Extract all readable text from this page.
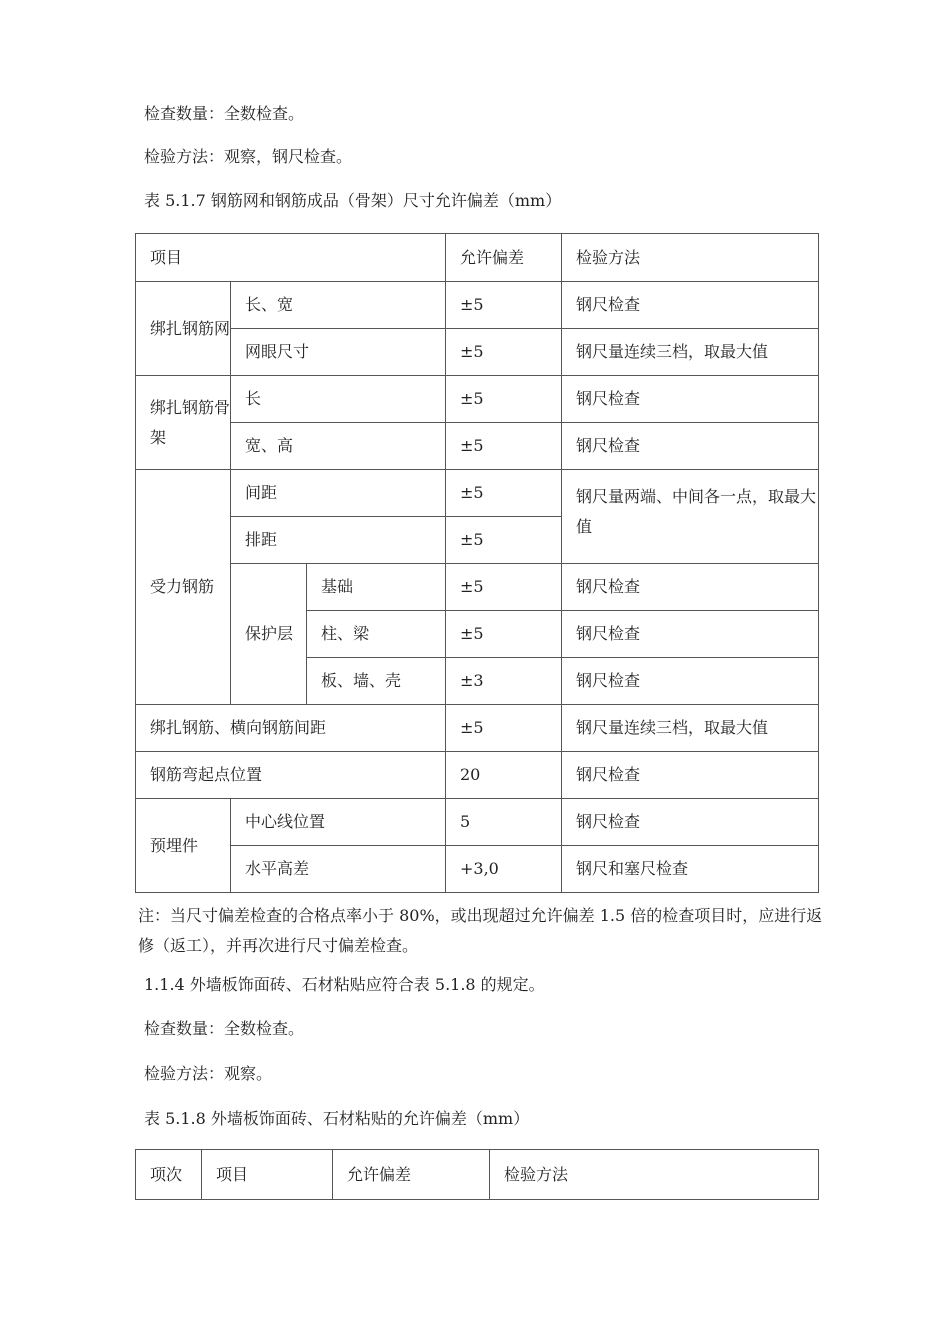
检查数量：全数检查。
检验方法：观察，钢尺检查。
表 5.1.7 钢筋网和钢筋成品（骨架）尺寸允许偏差（mm）
项目			允许偏差	检验方法
绑扎钢筋网	长、宽		±5	钢尺检查
	网眼尺寸		±5	钢尺量连续三档，取最大值
绑扎钢筋骨架	长		±5	钢尺检查
	宽、高		±5	钢尺检查
受力钢筋	间距		±5	钢尺量两端、中间各一点，取最大值
	排距		±5	
	保护层	基础	±5	钢尺检查
		柱、梁	±5	钢尺检查
		板、墙、壳	±3	钢尺检查
绑扎钢筋、横向钢筋间距			±5	钢尺量连续三档，取最大值
钢筋弯起点位置			20	钢尺检查
预埋件	中心线位置		5	钢尺检查
	水平高差		+3,0	钢尺和塞尺检查
注：当尺寸偏差检查的合格点率小于 80%，或出现超过允许偏差 1.5 倍的检查项目时，应进行返修（返工），并再次进行尺寸偏差检查。
1.1.4 外墙板饰面砖、石材粘贴应符合表 5.1.8 的规定。
检查数量：全数检查。
检验方法：观察。
表 5.1.8 外墙板饰面砖、石材粘贴的允许偏差（mm）
项次	项目	允许偏差	检验方法
